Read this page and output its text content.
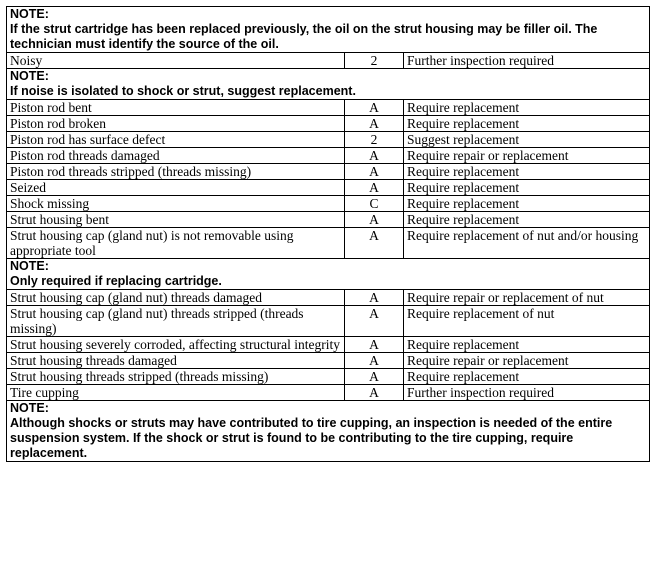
NOTE:
If the strut cartridge has been replaced previously, the oil on the strut housing may be filler oil. The technician must identify the source of the oil.		

Noisy	2	Further inspection required

NOTE:
If noise is isolated to shock or strut, suggest replacement.		

Piston rod bent	A	Require replacement
Piston rod broken	A	Require replacement
Piston rod has surface defect	2	Suggest replacement
Piston rod threads damaged	A	Require repair or replacement
Piston rod threads stripped (threads missing)	A	Require replacement
Seized	A	Require replacement
Shock missing	C	Require replacement
Strut housing bent	A	Require replacement
Strut housing cap (gland nut) is not removable using appropriate tool	A	Require replacement of nut and/or housing

NOTE:
Only required if replacing cartridge.		

Strut housing cap (gland nut) threads damaged	A	Require repair or replacement of nut
Strut housing cap (gland nut) threads stripped (threads missing)	A	Require replacement of nut
Strut housing severely corroded, affecting structural integrity	A	Require replacement
Strut housing threads damaged	A	Require repair or replacement
Strut housing threads stripped (threads missing)	A	Require replacement
Tire cupping	A	Further inspection required

NOTE:
Although shocks or struts may have contributed to tire cupping, an inspection is needed of the entire suspension system. If the shock or strut is found to be contributing to the tire cupping, require replacement.		
